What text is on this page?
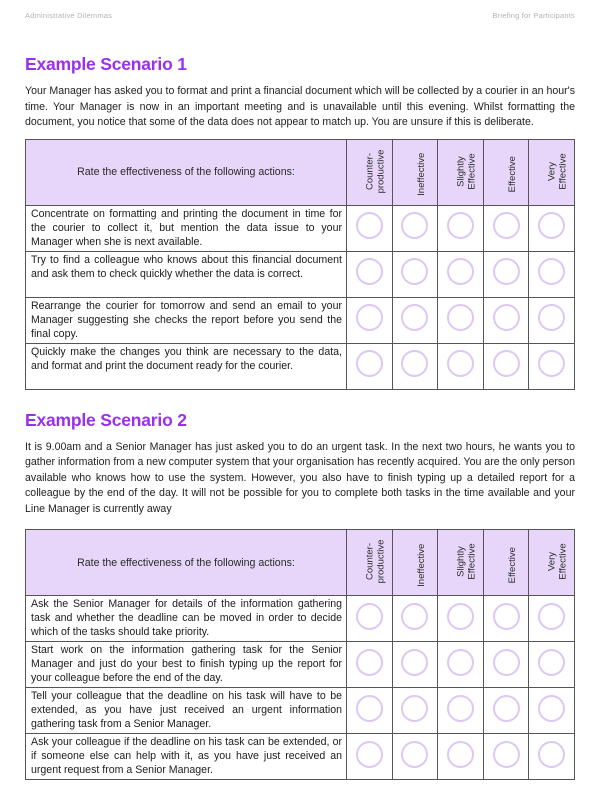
Administrative Dilemmas	Briefing for Participants
Example Scenario 1

Your Manager has asked you to format and print a financial document which will be collected by a courier in an hour's time. Your Manager is now in an important meeting and is unavailable until this evening. Whilst formatting the document, you notice that some of the data does not appear to match up. You are unsure if this is deliberate.

Rate the effectiveness of the following actions:	Counter-productive	Ineffective	Slightly Effective	Effective	Very Effective
Concentrate on formatting and printing the document in time for the courier to collect it, but mention the data issue to your Manager when she is next available.					
Try to find a colleague who knows about this financial document and ask them to check quickly whether the data is correct.					
Rearrange the courier for tomorrow and send an email to your Manager suggesting she checks the report before you send the final copy.					
Quickly make the changes you think are necessary to the data, and format and print the document ready for the courier.					
Example Scenario 2

It is 9.00am and a Senior Manager has just asked you to do an urgent task. In the next two hours, he wants you to gather information from a new computer system that your organisation has recently acquired. You are the only person available who knows how to use the system. However, you also have to finish typing up a detailed report for a colleague by the end of the day. It will not be possible for you to complete both tasks in the time available and your Line Manager is currently away

Rate the effectiveness of the following actions:	Counter-productive	Ineffective	Slightly Effective	Effective	Very Effective
Ask the Senior Manager for details of the information gathering task and whether the deadline can be moved in order to decide which of the tasks should take priority.					
Start work on the information gathering task for the Senior Manager and just do your best to finish typing up the report for your colleague before the end of the day.					
Tell your colleague that the deadline on his task will have to be extended, as you have just received an urgent information gathering task from a Senior Manager.					
Ask your colleague if the deadline on his task can be extended, or if someone else can help with it, as you have just received an urgent request from a Senior Manager.					
